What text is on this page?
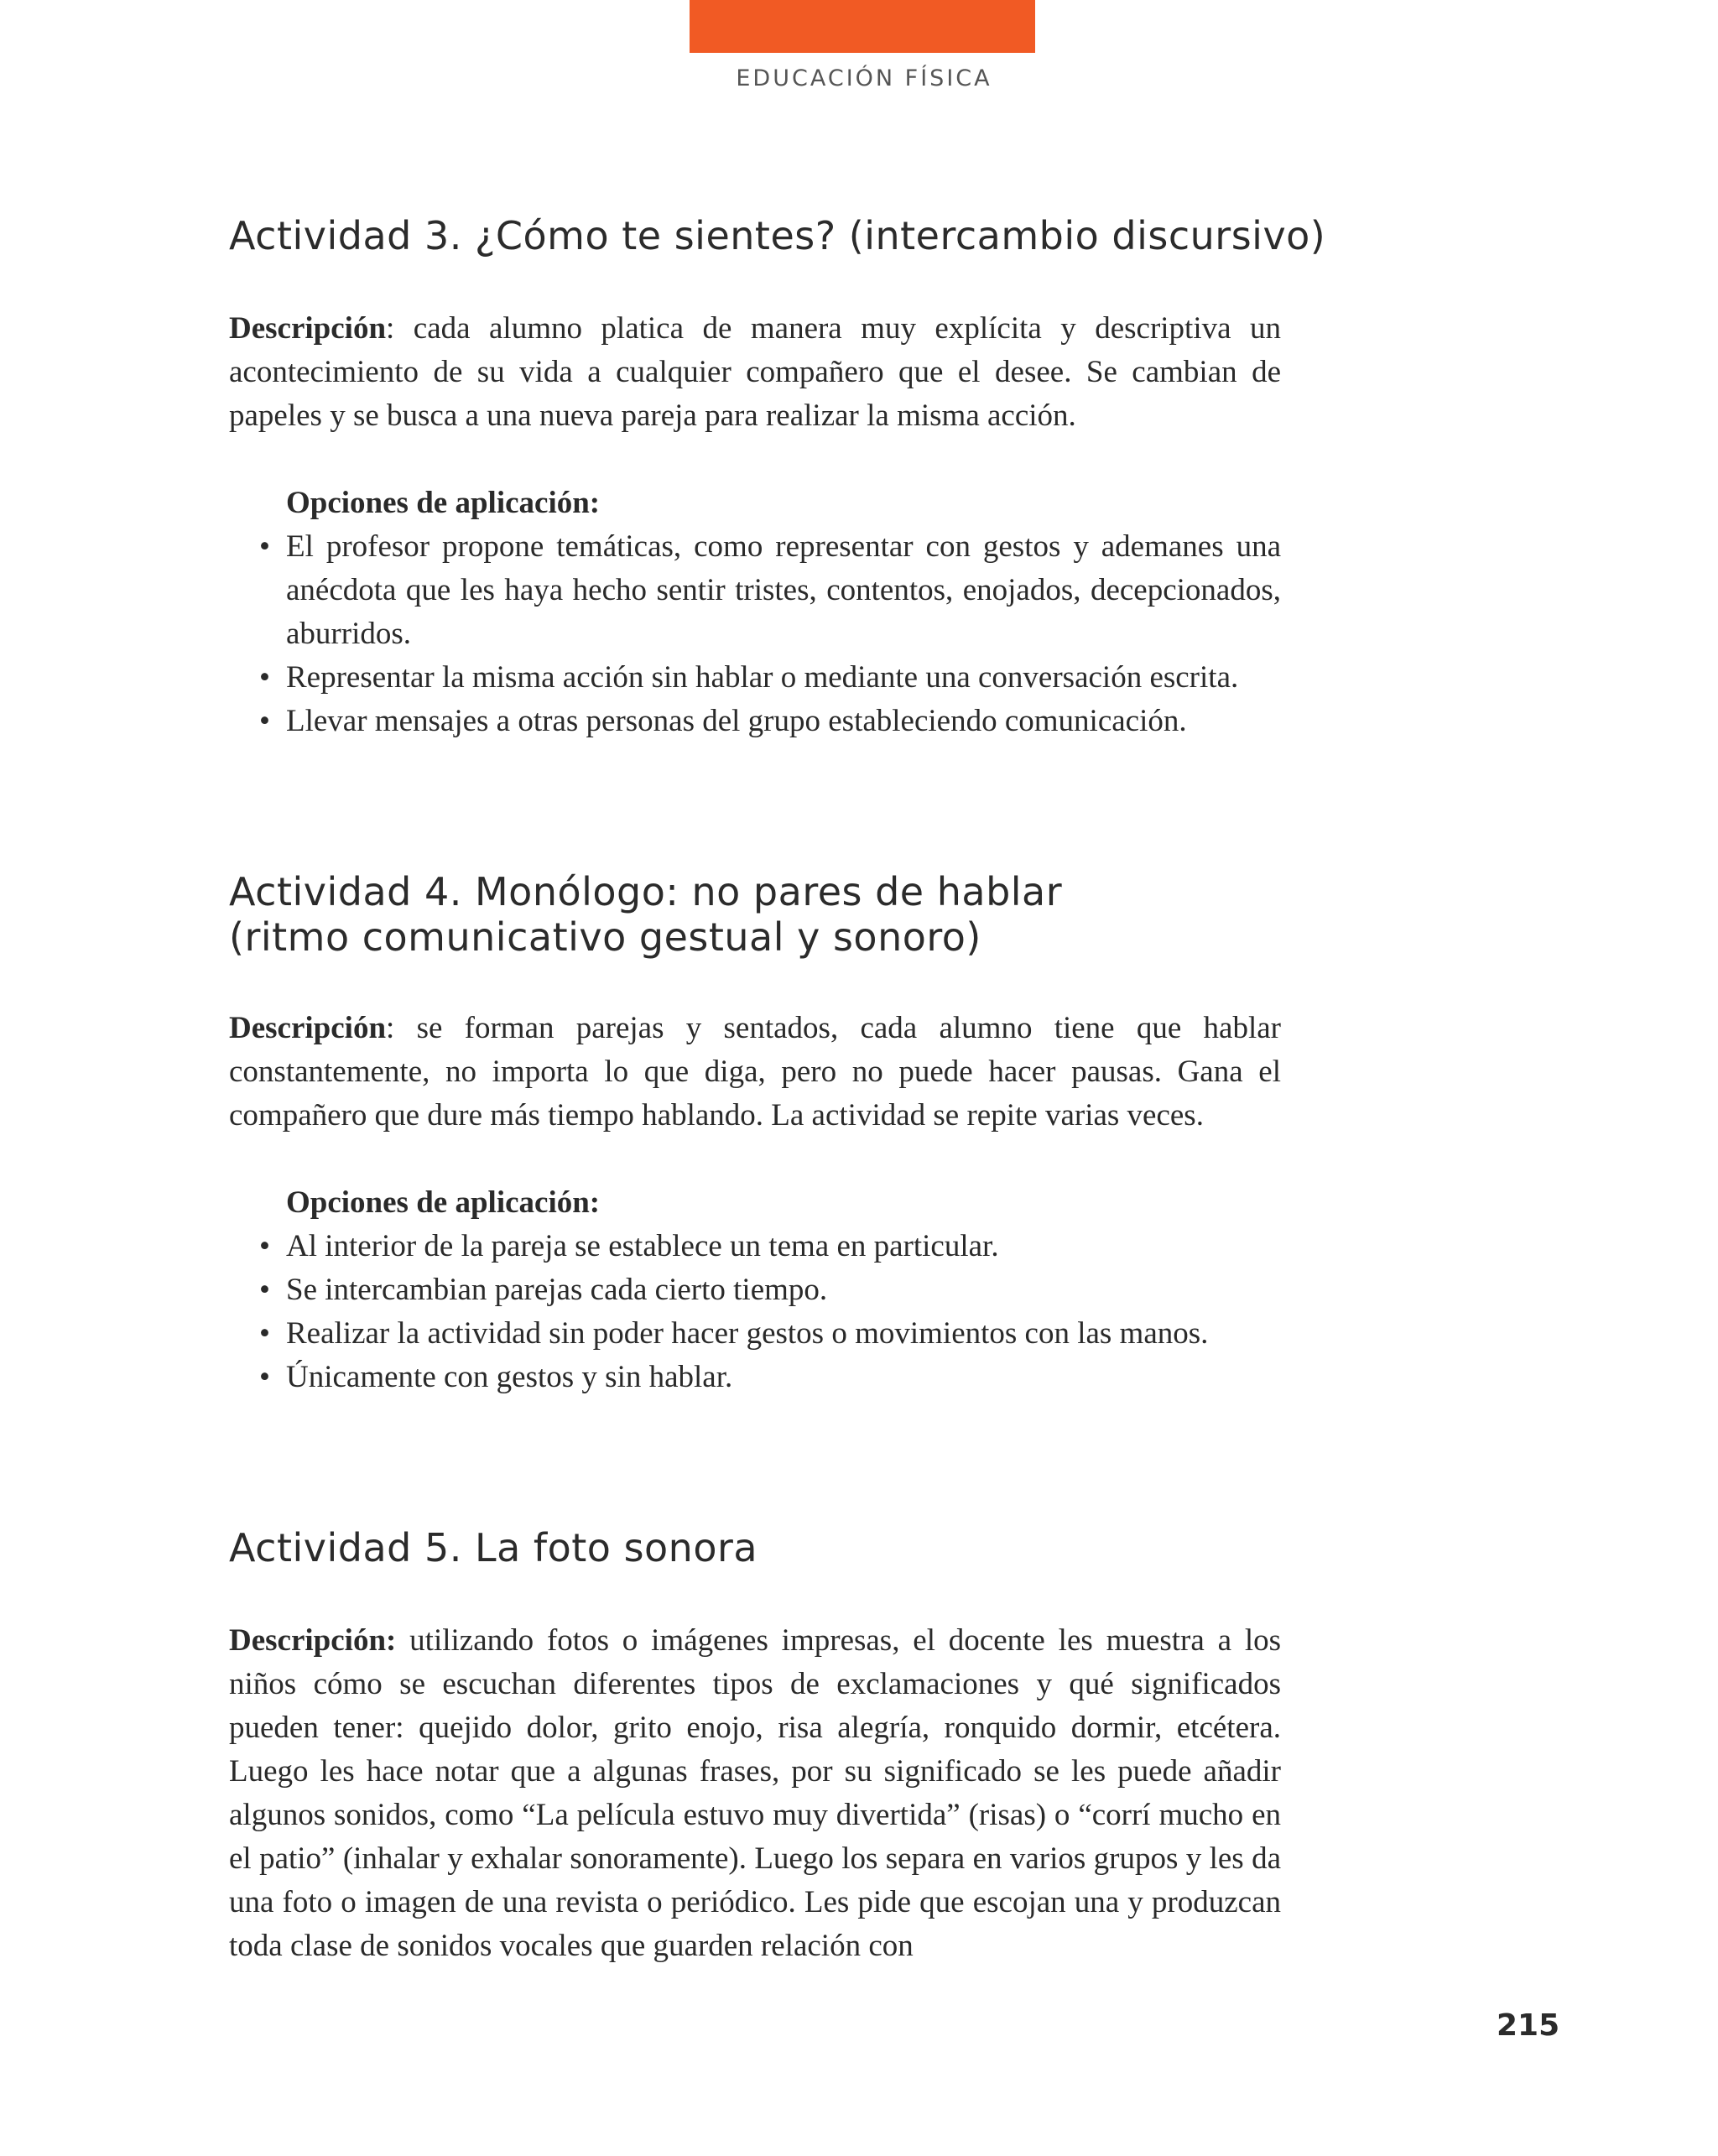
EDUCACIÓN FÍSICA
Actividad 3. ¿Cómo te sientes? (intercambio discursivo)
Descripción: cada alumno platica de manera muy explícita y descriptiva un acontecimiento de su vida a cualquier compañero que el desee. Se cambian de papeles y se busca a una nueva pareja para realizar la misma acción.
Opciones de aplicación:
• El profesor propone temáticas, como representar con gestos y ademanes una anécdota que les haya hecho sentir tristes, contentos, enojados, decepcionados, aburridos.
• Representar la misma acción sin hablar o mediante una conversación escrita.
• Llevar mensajes a otras personas del grupo estableciendo comunicación.
Actividad 4. Monólogo: no pares de hablar
(ritmo comunicativo gestual y sonoro)
Descripción: se forman parejas y sentados, cada alumno tiene que hablar constantemente, no importa lo que diga, pero no puede hacer pausas. Gana el compañero que dure más tiempo hablando. La actividad se repite varias veces.
Opciones de aplicación:
• Al interior de la pareja se establece un tema en particular.
• Se intercambian parejas cada cierto tiempo.
• Realizar la actividad sin poder hacer gestos o movimientos con las manos.
• Únicamente con gestos y sin hablar.
Actividad 5. La foto sonora
Descripción: utilizando fotos o imágenes impresas, el docente les muestra a los niños cómo se escuchan diferentes tipos de exclamaciones y qué significados pueden tener: quejido dolor, grito enojo, risa alegría, ronquido dormir, etcétera. Luego les hace notar que a algunas frases, por su significado se les puede añadir algunos sonidos, como “La película estuvo muy divertida” (risas) o “corrí mucho en el patio” (inhalar y exhalar sonoramente). Luego los separa en varios grupos y les da una foto o imagen de una revista o periódico. Les pide que escojan una y produzcan toda clase de sonidos vocales que guarden relación con
215
